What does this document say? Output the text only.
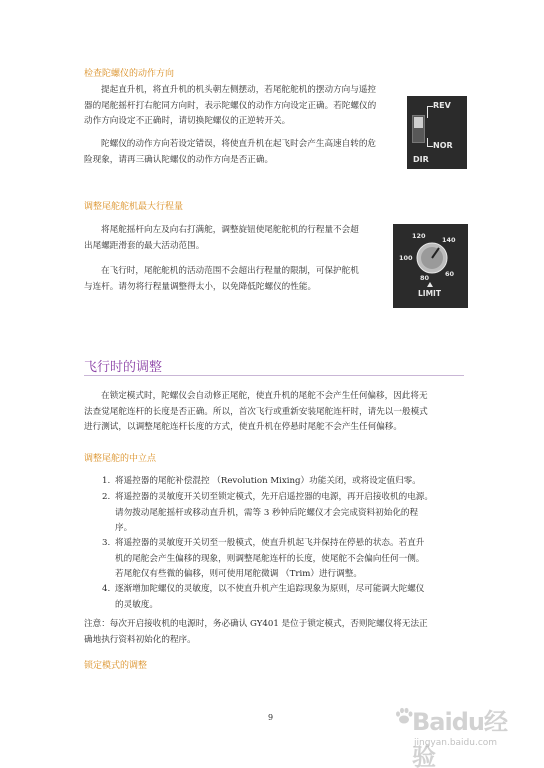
检查陀螺仪的动作方向
提起直升机，将直升机的机头朝左侧摆动，若尾舵舵机的摆动方向与遥控
器的尾舵摇杆打右舵同方向时，表示陀螺仪的动作方向设定正确。若陀螺仪的
动作方向设定不正确时，请切换陀螺仪的正逆转开关。
陀螺仪的动作方向若设定错误，将使直升机在起飞时会产生高速自转的危
险现象，请再三确认陀螺仪的动作方向是否正确。
REV
NOR
DIR
调整尾舵舵机最大行程量
将尾舵摇杆向左及向右打满舵，调整旋钮使尾舵舵机的行程量不会超
出尾螺距滑套的最大活动范围。
在飞行时，尾舵舵机的活动范围不会超出行程量的限制，可保护舵机
与连杆。请勿将行程量调整得太小，以免降低陀螺仪的性能。
120	140
100
80 60
LIMIT
飞行时的调整
在锁定模式时，陀螺仪会自动修正尾舵，使直升机的尾舵不会产生任何偏移，因此将无
法查觉尾舵连杆的长度是否正确。所以，首次飞行或重新安装尾舵连杆时，请先以一般模式
进行测试，以调整尾舵连杆长度的方式，使直升机在停悬时尾舵不会产生任何偏移。
调整尾舵的中立点
1. 将遥控器的尾舵补偿混控 （Revolution Mixing）功能关闭，或将设定值归零。
2. 将遥控器的灵敏度开关切至锁定模式，先开启遥控器的电源，再开启接收机的电源。
请勿拨动尾舵摇杆或移动直升机，需等 3 秒钟后陀螺仪才会完成资料初始化的程
序。
3. 将遥控器的灵敏度开关切至一般模式，使直升机起飞并保持在停悬的状态。若直升
机的尾舵会产生偏移的现象，则调整尾舵连杆的长度，使尾舵不会偏向任何一侧。
若尾舵仅有些微的偏移，则可使用尾舵微调 （Trim）进行调整。
4. 逐渐增加陀螺仪的灵敏度，以不使直升机产生追踪现象为原则，尽可能调大陀螺仪
的灵敏度。
注意：每次开启接收机的电源时，务必确认 GY401 是位于锁定模式，否则陀螺仪将无法正
确地执行资料初始化的程序。
锁定模式的调整
9	Baidu经验
jingyan.baidu.com
